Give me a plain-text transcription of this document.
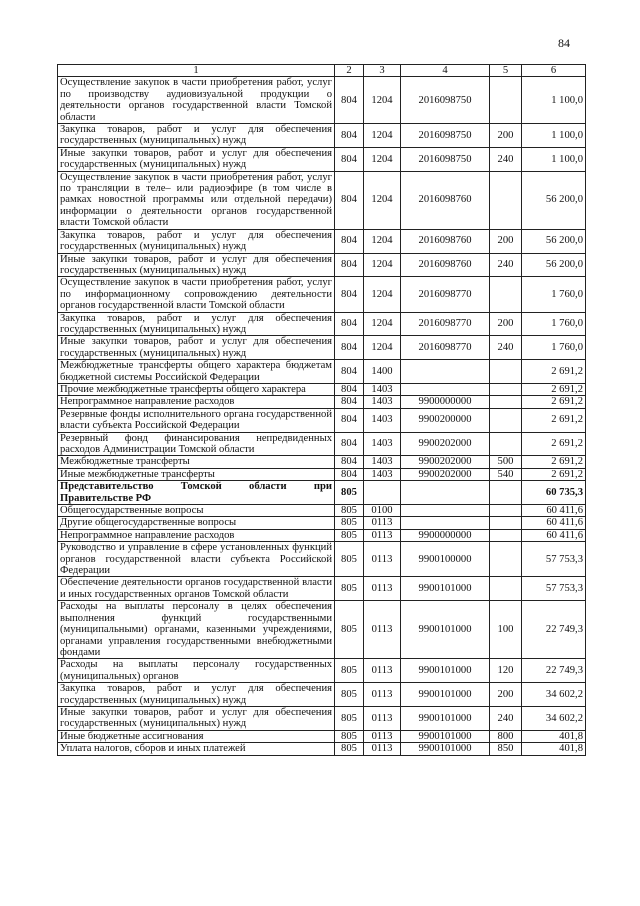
84
1	2	3	4	5	6
Осуществление закупок в части приобретения работ, услуг по производству аудиовизуальной продукции о деятельности органов государственной власти Томской области	804	1204	2016098750		1 100,0
Закупка товаров, работ и услуг для обеспечения государственных (муниципальных) нужд	804	1204	2016098750	200	1 100,0
Иные закупки товаров, работ и услуг для обеспечения государственных (муниципальных) нужд	804	1204	2016098750	240	1 100,0
Осуществление закупок в части приобретения работ, услуг по трансляции в теле– или радиоэфире (в том числе в рамках новостной программы или отдельной передачи) информации о деятельности органов государственной власти Томской области	804	1204	2016098760		56 200,0
Закупка товаров, работ и услуг для обеспечения государственных (муниципальных) нужд	804	1204	2016098760	200	56 200,0
Иные закупки товаров, работ и услуг для обеспечения государственных (муниципальных) нужд	804	1204	2016098760	240	56 200,0
Осуществление закупок в части приобретения работ, услуг по информационному сопровождению деятельности органов государственной власти Томской области	804	1204	2016098770		1 760,0
Закупка товаров, работ и услуг для обеспечения государственных (муниципальных) нужд	804	1204	2016098770	200	1 760,0
Иные закупки товаров, работ и услуг для обеспечения государственных (муниципальных) нужд	804	1204	2016098770	240	1 760,0
Межбюджетные трансферты общего характера бюджетам бюджетной системы Российской Федерации	804	1400			2 691,2
Прочие межбюджетные трансферты общего характера	804	1403			2 691,2
Непрограммное направление расходов	804	1403	9900000000		2 691,2
Резервные фонды исполнительного органа государственной власти субъекта Российской Федерации	804	1403	9900200000		2 691,2
Резервный фонд финансирования непредвиденных расходов Администрации Томской области	804	1403	9900202000		2 691,2
Межбюджетные трансферты	804	1403	9900202000	500	2 691,2
Иные межбюджетные трансферты	804	1403	9900202000	540	2 691,2
Представительство Томской области при Правительстве РФ	805				60 735,3
Общегосударственные вопросы	805	0100			60 411,6
Другие общегосударственные вопросы	805	0113			60 411,6
Непрограммное направление расходов	805	0113	9900000000		60 411,6
Руководство и управление в сфере установленных функций органов государственной власти субъекта Российской Федерации	805	0113	9900100000		57 753,3
Обеспечение деятельности органов государственной власти и иных государственных органов Томской области	805	0113	9900101000		57 753,3
Расходы на выплаты персоналу в целях обеспечения выполнения функций государственными (муниципальными) органами, казенными учреждениями, органами управления государственными внебюджетными фондами	805	0113	9900101000	100	22 749,3
Расходы на выплаты персоналу государственных (муниципальных) органов	805	0113	9900101000	120	22 749,3
Закупка товаров, работ и услуг для обеспечения государственных (муниципальных) нужд	805	0113	9900101000	200	34 602,2
Иные закупки товаров, работ и услуг для обеспечения государственных (муниципальных) нужд	805	0113	9900101000	240	34 602,2
Иные бюджетные ассигнования	805	0113	9900101000	800	401,8
Уплата налогов, сборов и иных платежей	805	0113	9900101000	850	401,8
